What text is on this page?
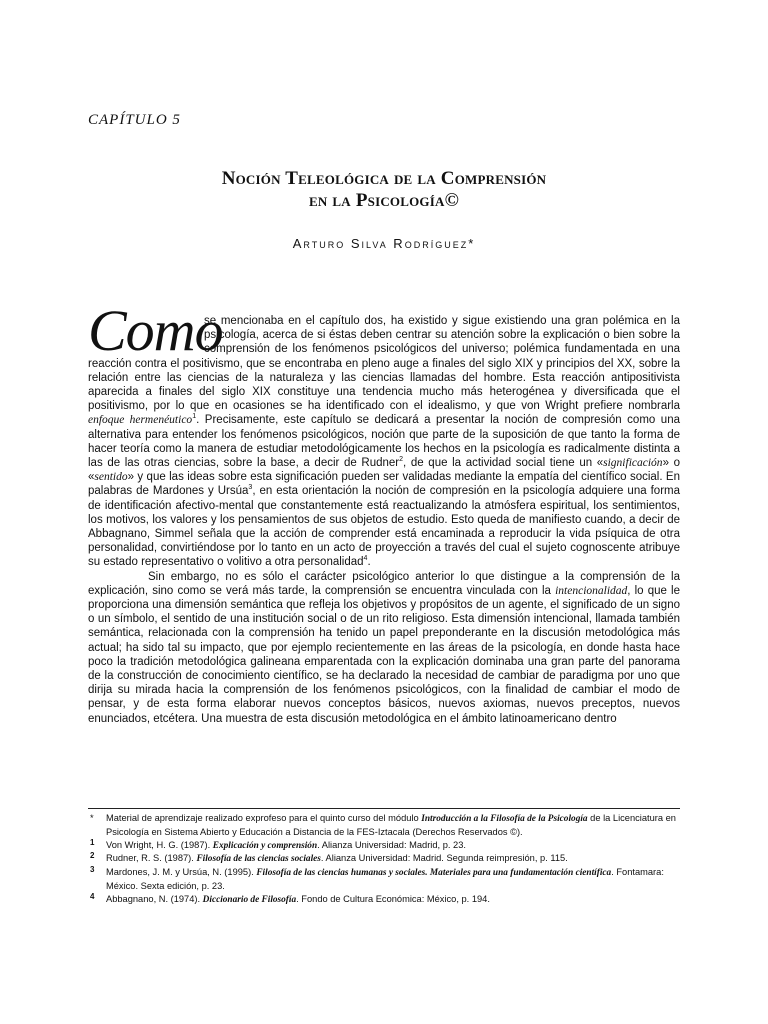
CAPÍTULO 5
Noción Teleológica de la Comprensión
en la Psicología©
Arturo Silva Rodríguez*
Como

se mencionaba en el capítulo dos, ha existido y sigue existiendo una gran polémica en la psicología, acerca de si éstas deben centrar su atención sobre la explicación o bien sobre la comprensión de los fenómenos psicológicos del universo; polémica fundamentada en una reacción contra el positivismo, que se encontraba en pleno auge a finales del siglo XIX y principios del XX, sobre la relación entre las ciencias de la naturaleza y las ciencias llamadas del hombre. Esta reacción antipositivista aparecida a finales del siglo XIX constituye una tendencia mucho más heterogénea y diversificada que el positivismo, por lo que en ocasiones se ha identificado con el idealismo, y que von Wright prefiere nombrarla enfoque hermenéutico$^1$. Precisamente, este capítulo se dedicará a presentar la noción de compresión como una alternativa para entender los fenómenos psicológicos, noción que parte de la suposición de que tanto la forma de hacer teoría como la manera de estudiar metodológicamente los hechos en la psicología es radicalmente distinta a las de las otras ciencias, sobre la base, a decir de Rudner$^2$, de que la actividad social tiene un «significación» o «sentido» y que las ideas sobre esta significación pueden ser validadas mediante la empatía del científico social. En palabras de Mardones y Ursúa$^3$, en esta orientación la noción de compresión en la psicología adquiere una forma de identificación afectivo-mental que constantemente está reactualizando la atmósfera espiritual, los sentimientos, los motivos, los valores y los pensamientos de sus objetos de estudio. Esto queda de manifiesto cuando, a decir de Abbagnano, Simmel señala que la acción de comprender está encaminada a reproducir la vida psíquica de otra personalidad, convirtiéndose por lo tanto en un acto de proyección a través del cual el sujeto cognoscente atribuye su estado representativo o volitivo a otra personalidad$^4$.

Sin embargo, no es sólo el carácter psicológico anterior lo que distingue a la comprensión de la explicación, sino como se verá más tarde, la comprensión se encuentra vinculada con la intencionalidad, lo que le proporciona una dimensión semántica que refleja los objetivos y propósitos de un agente, el significado de un signo o un símbolo, el sentido de una institución social o de un rito religioso. Esta dimensión intencional, llamada también semántica, relacionada con la comprensión ha tenido un papel preponderante en la discusión metodológica más actual; ha sido tal su impacto, que por ejemplo recientemente en las áreas de la psicología, en donde hasta hace poco la tradición metodológica galineana emparentada con la explicación dominaba una gran parte del panorama de la construcción de conocimiento científico, se ha declarado la necesidad de cambiar de paradigma por uno que dirija su mirada hacia la comprensión de los fenómenos psicológicos, con la finalidad de cambiar el modo de pensar, y de esta forma elaborar nuevos conceptos básicos, nuevos axiomas, nuevos preceptos, nuevos enunciados, etcétera. Una muestra de esta discusión metodológica en el ámbito latinoamericano dentro

* Material de aprendizaje realizado exprofeso para el quinto curso del módulo Introducción a la Filosofía de la Psicología de la Licenciatura en Psicología en Sistema Abierto y Educación a Distancia de la FES-Iztacala (Derechos Reservados ©).
1 Von Wright, H. G. (1987). Explicación y comprensión. Alianza Universidad: Madrid, p. 23.
2 Rudner, R. S. (1987). Filosofía de las ciencias sociales. Alianza Universidad: Madrid. Segunda reimpresión, p. 115.
3 Mardones, J. M. y Ursúa, N. (1995). Filosofía de las ciencias humanas y sociales. Materiales para una fundamentación científica. Fontamara: México. Sexta edición, p. 23.
4 Abbagnano, N. (1974). Diccionario de Filosofía. Fondo de Cultura Económica: México, p. 194.
